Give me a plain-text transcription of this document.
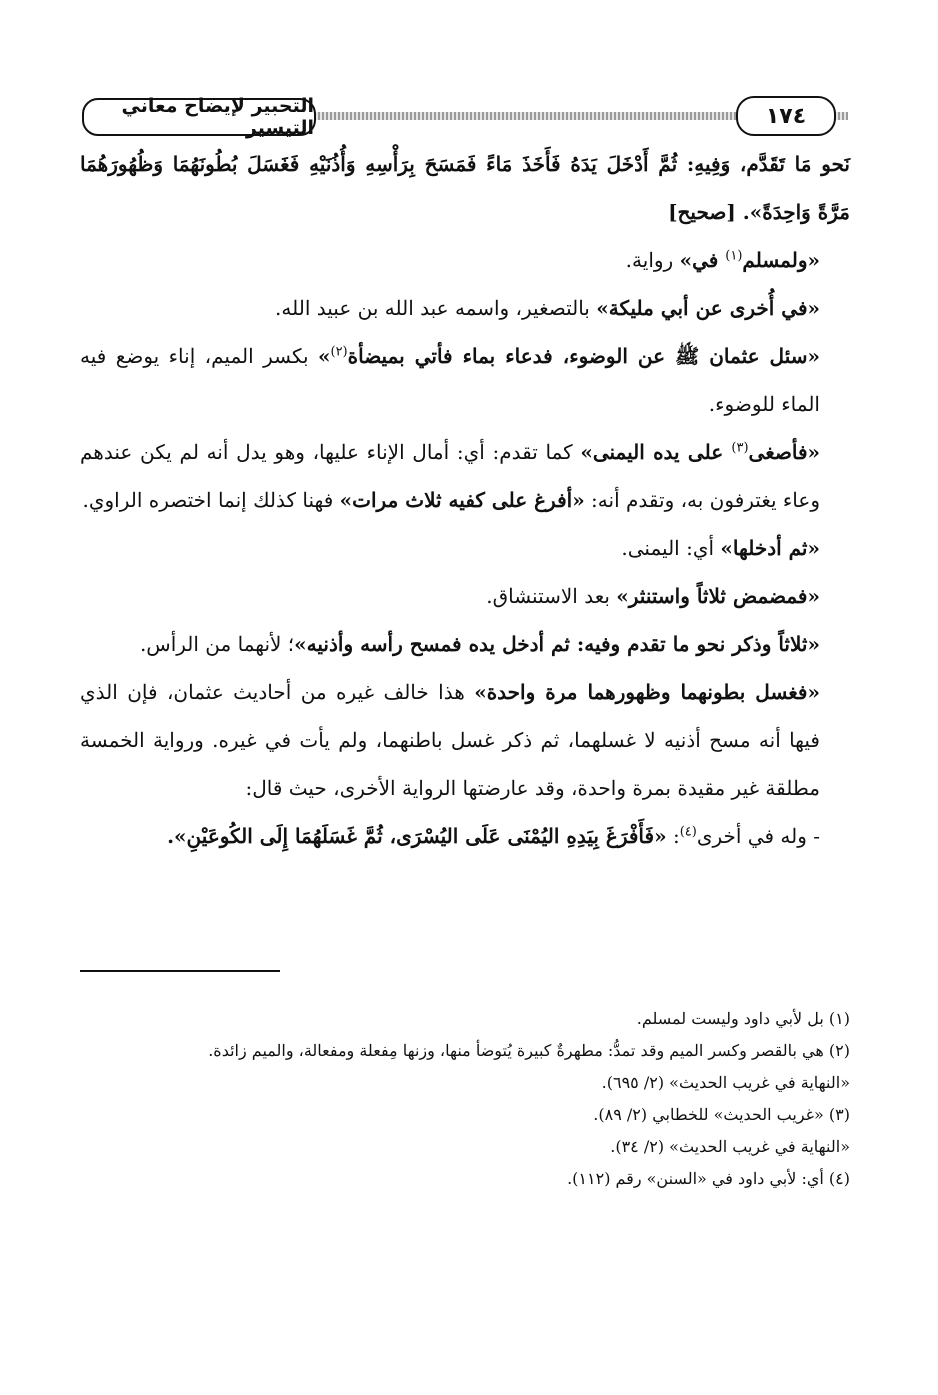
التحبير لإيضاح معاني التيسير	١٧٤

نَحو مَا تَقَدَّم، وَفِيهِ: ثُمَّ أَدْخَلَ يَدَهُ فَأَخَذَ مَاءً فَمَسَحَ بِرَأْسِهِ وَأُذُنَيْهِ فَغَسَلَ بُطُونَهُمَا وَظُهُورَهُمَا مَرَّةً وَاحِدَةً». [صحيح]

«ولمسلم$^{(١)}$ في» رواية.

«في أُخرى عن أبي مليكة» بالتصغير، واسمه عبد الله بن عبيد الله.

«سئل عثمان ﷺ عن الوضوء، فدعاء بماء فأتي بميضأة$^{(٢)}$» بكسر الميم، إناء يوضع فيه الماء للوضوء.

«فأصغى$^{(٣)}$ على يده اليمنى» كما تقدم: أي: أمال الإناء عليها، وهو يدل أنه لم يكن عندهم وعاء يغترفون به، وتقدم أنه: «أفرغ على كفيه ثلاث مرات» فهنا كذلك إنما اختصره الراوي.

«ثم أدخلها» أي: اليمنى.

«فمضمض ثلاثاً واستنثر» بعد الاستنشاق.

«ثلاثاً وذكر نحو ما تقدم وفيه: ثم أدخل يده فمسح رأسه وأذنيه»؛ لأنهما من الرأس.

«فغسل بطونهما وظهورهما مرة واحدة» هذا خالف غيره من أحاديث عثمان، فإن الذي فيها أنه مسح أذنيه لا غسلهما، ثم ذكر غسل باطنهما، ولم يأت في غيره. ورواية الخمسة مطلقة غير مقيدة بمرة واحدة، وقد عارضتها الرواية الأخرى، حيث قال:

- وله في أخرى$^{(٤)}$: «فَأَفْرَغَ بِيَدِهِ اليُمْنَى عَلَى اليُسْرَى، ثُمَّ غَسَلَهُمَا إِلَى الكُوعَيْنِ».

(١) بل لأبي داود وليست لمسلم.

(٢) هي بالقصر وكسر الميم وقد تمدُّ: مطهرةٌ كبيرة يُتوضأ منها، وزنها مِفعلة ومفعالة، والميم زائدة.

«النهاية في غريب الحديث» (٢/ ٦٩٥).

(٣) «غريب الحديث» للخطابي (٢/ ٨٩).

«النهاية في غريب الحديث» (٢/ ٣٤).

(٤) أي: لأبي داود في «السنن» رقم (١١٢).
